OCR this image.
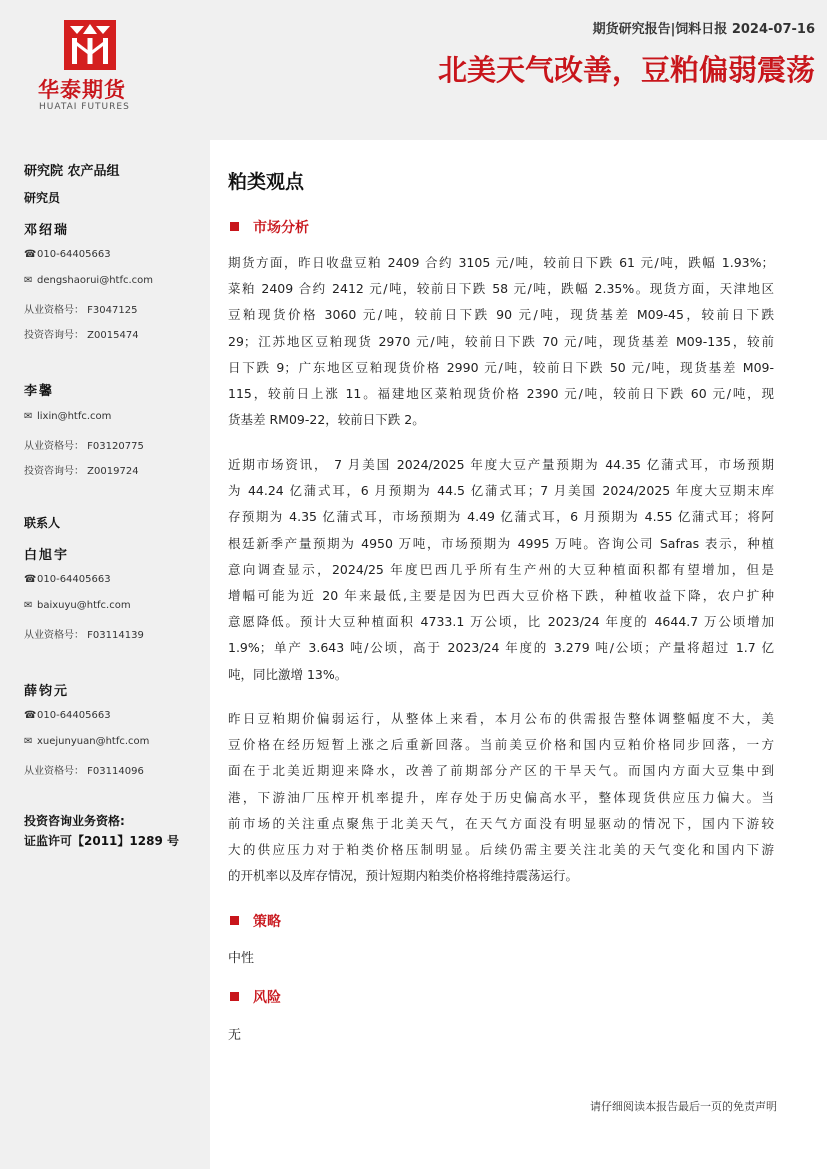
华泰期货
HUATAI FUTURES
期货研究报告|饲料日报 2024-07-16
北美天气改善，豆粕偏弱震荡
研究院 农产品组
研究员
邓绍瑞
☎010-64405663
✉ dengshaorui@htfc.com
从业资格号： F3047125
投资咨询号： Z0015474
李馨
✉ lixin@htfc.com
从业资格号： F03120775
投资咨询号： Z0019724
联系人
白旭宇
☎010-64405663
✉ baixuyu@htfc.com
从业资格号： F03114139
薛钧元
☎010-64405663
✉ xuejunyuan@htfc.com
从业资格号： F03114096
投资咨询业务资格:
证监许可【2011】1289 号
粕类观点
市场分析
期货方面，昨日收盘豆粕 2409 合约 3105 元/吨，较前日下跌 61 元/吨，跌幅 1.93%；
菜粕 2409 合约 2412 元/吨，较前日下跌 58 元/吨，跌幅 2.35%。现货方面，天津地区
豆粕现货价格 3060 元/吨，较前日下跌 90 元/吨，现货基差 M09-45，较前日下跌
29；江苏地区豆粕现货 2970 元/吨，较前日下跌 70 元/吨，现货基差 M09-135，较前
日下跌 9；广东地区豆粕现货价格 2990 元/吨，较前日下跌 50 元/吨，现货基差 M09-
115，较前日上涨 11。福建地区菜粕现货价格 2390 元/吨，较前日下跌 60 元/吨，现
货基差 RM09-22，较前日下跌 2。
近期市场资讯， 7 月美国 2024/2025 年度大豆产量预期为 44.35 亿蒲式耳，市场预期
为 44.24 亿蒲式耳，6 月预期为 44.5 亿蒲式耳；7 月美国 2024/2025 年度大豆期末库
存预期为 4.35 亿蒲式耳，市场预期为 4.49 亿蒲式耳，6 月预期为 4.55 亿蒲式耳；将阿
根廷新季产量预期为 4950 万吨，市场预期为 4995 万吨。咨询公司 Safras 表示，种植
意向调查显示，2024/25 年度巴西几乎所有生产州的大豆种植面积都有望增加，但是
增幅可能为近 20 年来最低,主要是因为巴西大豆价格下跌，种植收益下降，农户扩种
意愿降低。预计大豆种植面积 4733.1 万公顷，比 2023/24 年度的 4644.7 万公顷增加
1.9%；单产 3.643 吨/公顷，高于 2023/24 年度的 3.279 吨/公顷；产量将超过 1.7 亿
吨，同比激增 13%。
昨日豆粕期价偏弱运行，从整体上来看，本月公布的供需报告整体调整幅度不大，美
豆价格在经历短暂上涨之后重新回落。当前美豆价格和国内豆粕价格同步回落，一方
面在于北美近期迎来降水，改善了前期部分产区的干旱天气。而国内方面大豆集中到
港，下游油厂压榨开机率提升，库存处于历史偏高水平，整体现货供应压力偏大。当
前市场的关注重点聚焦于北美天气，在天气方面没有明显驱动的情况下，国内下游较
大的供应压力对于粕类价格压制明显。后续仍需主要关注北美的天气变化和国内下游
的开机率以及库存情况，预计短期内粕类价格将维持震荡运行。
策略
中性
风险
无
请仔细阅读本报告最后一页的免责声明
